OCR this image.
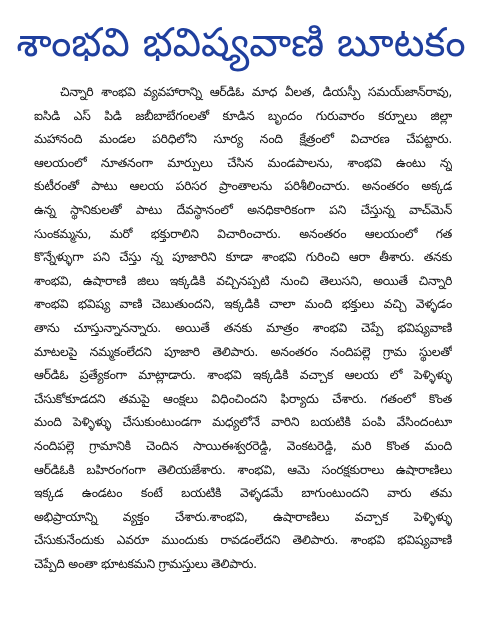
శాంభవి భవిష్యవాణి బూటకం
చిన్నారి శాంభవి వ్యవహారాన్ని ఆర్‌డిఓ మాధ వీలత, డియస్పీ సమయ్‌జాన్‌రావు,
ఐసిడి ఎస్ పిడి జబీబాబేగంలతో కూడిన బృందం గురువారం కర్నూలు జిల్లా
మహానంది మండల పరిధిలోని సూర్య నంది క్షేత్రంలో విచారణ చేపట్టారు.
ఆలయంలో నూతనంగా మార్పులు చేసిన మండపాలను, శాంభవి ఉంటు న్న
కుటీరంతో పాటు ఆలయ పరిసర ప్రాంతాలను పరిశీలించారు. అనంతరం అక్కడ
ఉన్న స్థానికులతో పాటు దేవస్థానంలో అనధికారికంగా పని చేస్తున్న వాచ్‌మెన్
సుంకమ్మను, మరో భక్తురాలిని విచారించారు. అనంతరం ఆలయంలో గత
కొన్నేళ్ళుగా పని చేస్తు న్న పూజారిని కూడా శాంభవి గురించి ఆరా తీశారు. తనకు
శాంభవి, ఉషారాణి జిలు ఇక్కడికి వచ్చినప్పటి నుంచి తెలుసని, అయితే చిన్నారి
శాంభవి భవిష్య వాణి చెబుతుందని, ఇక్కడికి చాలా మంది భక్తులు వచ్చి వెళ్ళడం
తాను చూస్తున్నానన్నారు. అయితే తనకు మాత్రం శాంభవి చెప్పే భవిష్యవాణి
మాటలపై నమ్మకంలేదని పూజారి తెలిపారు. అనంతరం నందిపల్లె గ్రామ స్థులతో
ఆర్‌డిఓ ప్రత్యేకంగా మాట్లాడారు. శాంభవి ఇక్కడికి వచ్చాక ఆలయ లో పెళ్ళిళ్ళు
చేసుకోకూడదని తమపై ఆంక్షలు విధించిందని ఫిర్యాదు చేశారు. గతంలో కొంత
మంది పెళ్ళిళ్ళు చేసుకుంటుండగా మధ్యలోనే వారిని బయటికి పంపి వేసిందంటూ
నందిపల్లె గ్రామానికి చెందిన సాయిఈశ్వరరెడ్డి, వెంకటరెడ్డి, మరి కొంత మంది
ఆర్‌డిఓకి బహిరంగంగా తెలియజేశారు. శాంభవి, ఆమె సంరక్షకురాలు ఉషారాణిలు
ఇక్కడ ఉండటం కంటే బయటికి వెళ్ళడమే బాగుంటుందని వారు తమ
అభిప్రాయాన్ని వ్యక్తం చేశారు.శాంభవి, ఉషారాణిలు వచ్చాక పెళ్ళిళ్ళు
చేసుకునేందుకు ఎవరూ ముందుకు రావడంలేదని తెలిపారు. శాంభవి భవిష్యవాణి
చెప్పేది అంతా భూటకమని గ్రామస్తులు తెలిపారు.
